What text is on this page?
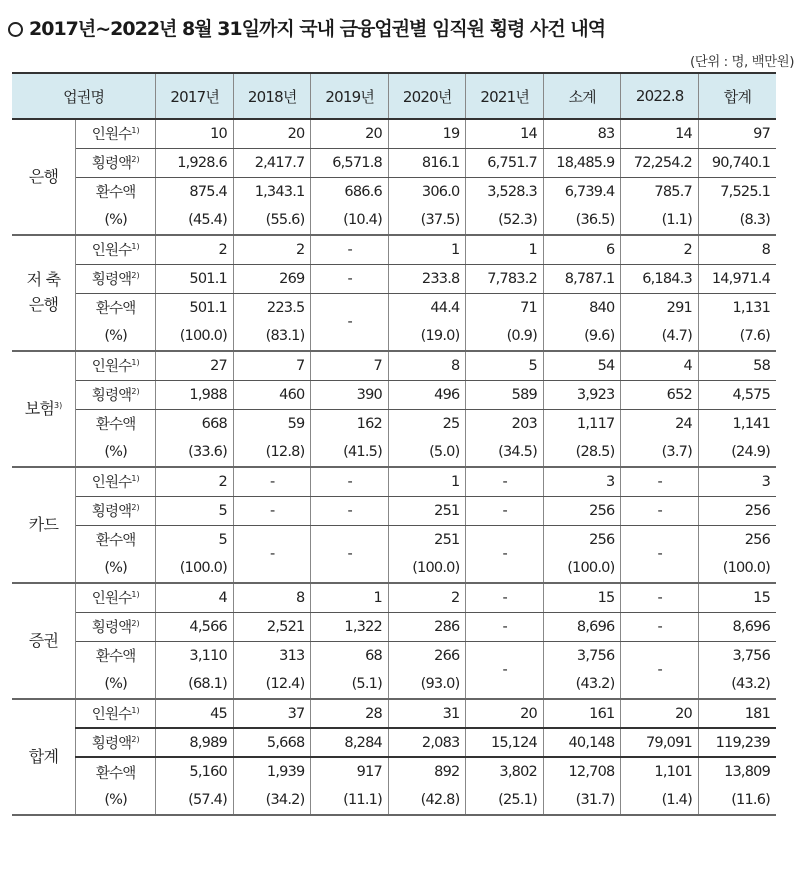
2017년~2022년 8월 31일까지 국내 금융업권별 임직원 횡령 사건 내역
(단위 : 명, 백만원)
업권명		2017년	2018년	2019년	2020년	2021년	소계	2022.8	합계
은행	인원수$^{1)}$	10	20	20	19	14	83	14	97
	횡령액$^{2)}$	1,928.6	2,417.7	6,571.8	816.1	6,751.7	18,485.9	72,254.2	90,740.1
	환수액	875.4	1,343.1	686.6	306.0	3,528.3	6,739.4	785.7	7,525.1
	(%)	(45.4)	(55.6)	(10.4)	(37.5)	(52.3)	(36.5)	(1.1)	(8.3)

저 축
은행	인원수$^{1)}$	2	2	-	1	1	6	2	8
	횡령액$^{2)}$	501.1	269	-	233.8	7,783.2	8,787.1	6,184.3	14,971.4
	환수액	501.1	223.5	-	44.4	71	840	291	1,131
	(%)	(100.0)	(83.1)		(19.0)	(0.9)	(9.6)	(4.7)	(7.6)
보험$^{3)}$	인원수$^{1)}$	27	7	7	8	5	54	4	58
	횡령액$^{2)}$	1,988	460	390	496	589	3,923	652	4,575
	환수액	668	59	162	25	203	1,117	24	1,141
	(%)	(33.6)	(12.8)	(41.5)	(5.0)	(34.5)	(28.5)	(3.7)	(24.9)
카드	인원수$^{1)}$	2	-	-	1	-	3	-	3
	횡령액$^{2)}$	5	-	-	251	-	256	-	256
	환수액	5	-	-	251	-	256	-	256
	(%)	(100.0)			(100.0)		(100.0)		(100.0)
증권	인원수$^{1)}$	4	8	1	2	-	15	-	15
	횡령액$^{2)}$	4,566	2,521	1,322	286	-	8,696	-	8,696
	환수액	3,110	313	68	266	-	3,756	-	3,756
	(%)	(68.1)	(12.4)	(5.1)	(93.0)		(43.2)		(43.2)
합계	인원수$^{1)}$	45	37	28	31	20	161	20	181
	횡령액$^{2)}$	8,989	5,668	8,284	2,083	15,124	40,148	79,091	119,239
	환수액	5,160	1,939	917	892	3,802	12,708	1,101	13,809
	(%)	(57.4)	(34.2)	(11.1)	(42.8)	(25.1)	(31.7)	(1.4)	(11.6)
